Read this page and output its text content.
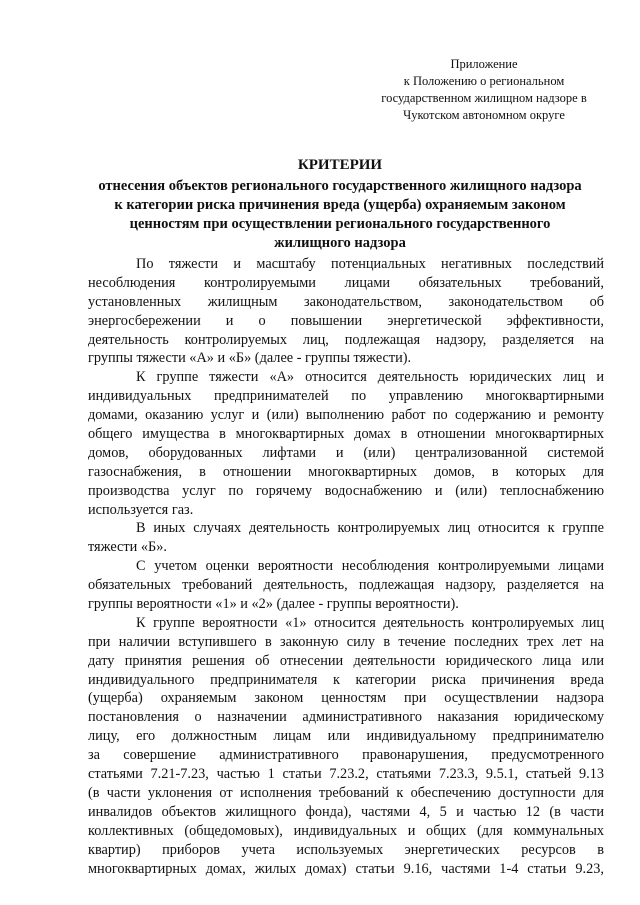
Приложение
к Положению о региональном
государственном жилищном надзоре в
Чукотском автономном округе
КРИТЕРИИ
отнесения объектов регионального государственного жилищного надзора
к категории риска причинения вреда (ущерба) охраняемым законом
ценностям при осуществлении регионального государственного
жилищного надзора
По тяжести и масштабу потенциальных негативных последствий
несоблюдения контролируемыми лицами обязательных требований,
установленных жилищным законодательством, законодательством об
энергосбережении и о повышении энергетической эффективности,
деятельность контролируемых лиц, подлежащая надзору, разделяется на
группы тяжести «А» и «Б» (далее - группы тяжести).
К группе тяжести «А» относится деятельность юридических лиц и
индивидуальных предпринимателей по управлению многоквартирными
домами, оказанию услуг и (или) выполнению работ по содержанию и ремонту
общего имущества в многоквартирных домах в отношении многоквартирных
домов, оборудованных лифтами и (или) централизованной системой
газоснабжения, в отношении многоквартирных домов, в которых для
производства услуг по горячему водоснабжению и (или) теплоснабжению
используется газ.
В иных случаях деятельность контролируемых лиц относится к группе
тяжести «Б».
С учетом оценки вероятности несоблюдения контролируемыми лицами
обязательных требований деятельность, подлежащая надзору, разделяется на
группы вероятности «1» и «2» (далее - группы вероятности).
К группе вероятности «1» относится деятельность контролируемых лиц
при наличии вступившего в законную силу в течение последних трех лет на
дату принятия решения об отнесении деятельности юридического лица или
индивидуального предпринимателя к категории риска причинения вреда
(ущерба) охраняемым законом ценностям при осуществлении надзора
постановления о назначении административного наказания юридическому
лицу, его должностным лицам или индивидуальному предпринимателю
за совершение административного правонарушения, предусмотренного
статьями 7.21-7.23, частью 1 статьи 7.23.2, статьями 7.23.3, 9.5.1, статьей 9.13
(в части уклонения от исполнения требований к обеспечению доступности для
инвалидов объектов жилищного фонда), частями 4, 5 и частью 12 (в части
коллективных (общедомовых), индивидуальных и общих (для коммунальных
квартир) приборов учета используемых энергетических ресурсов в
многоквартирных домах, жилых домах) статьи 9.16, частями 1-4 статьи 9.23,
